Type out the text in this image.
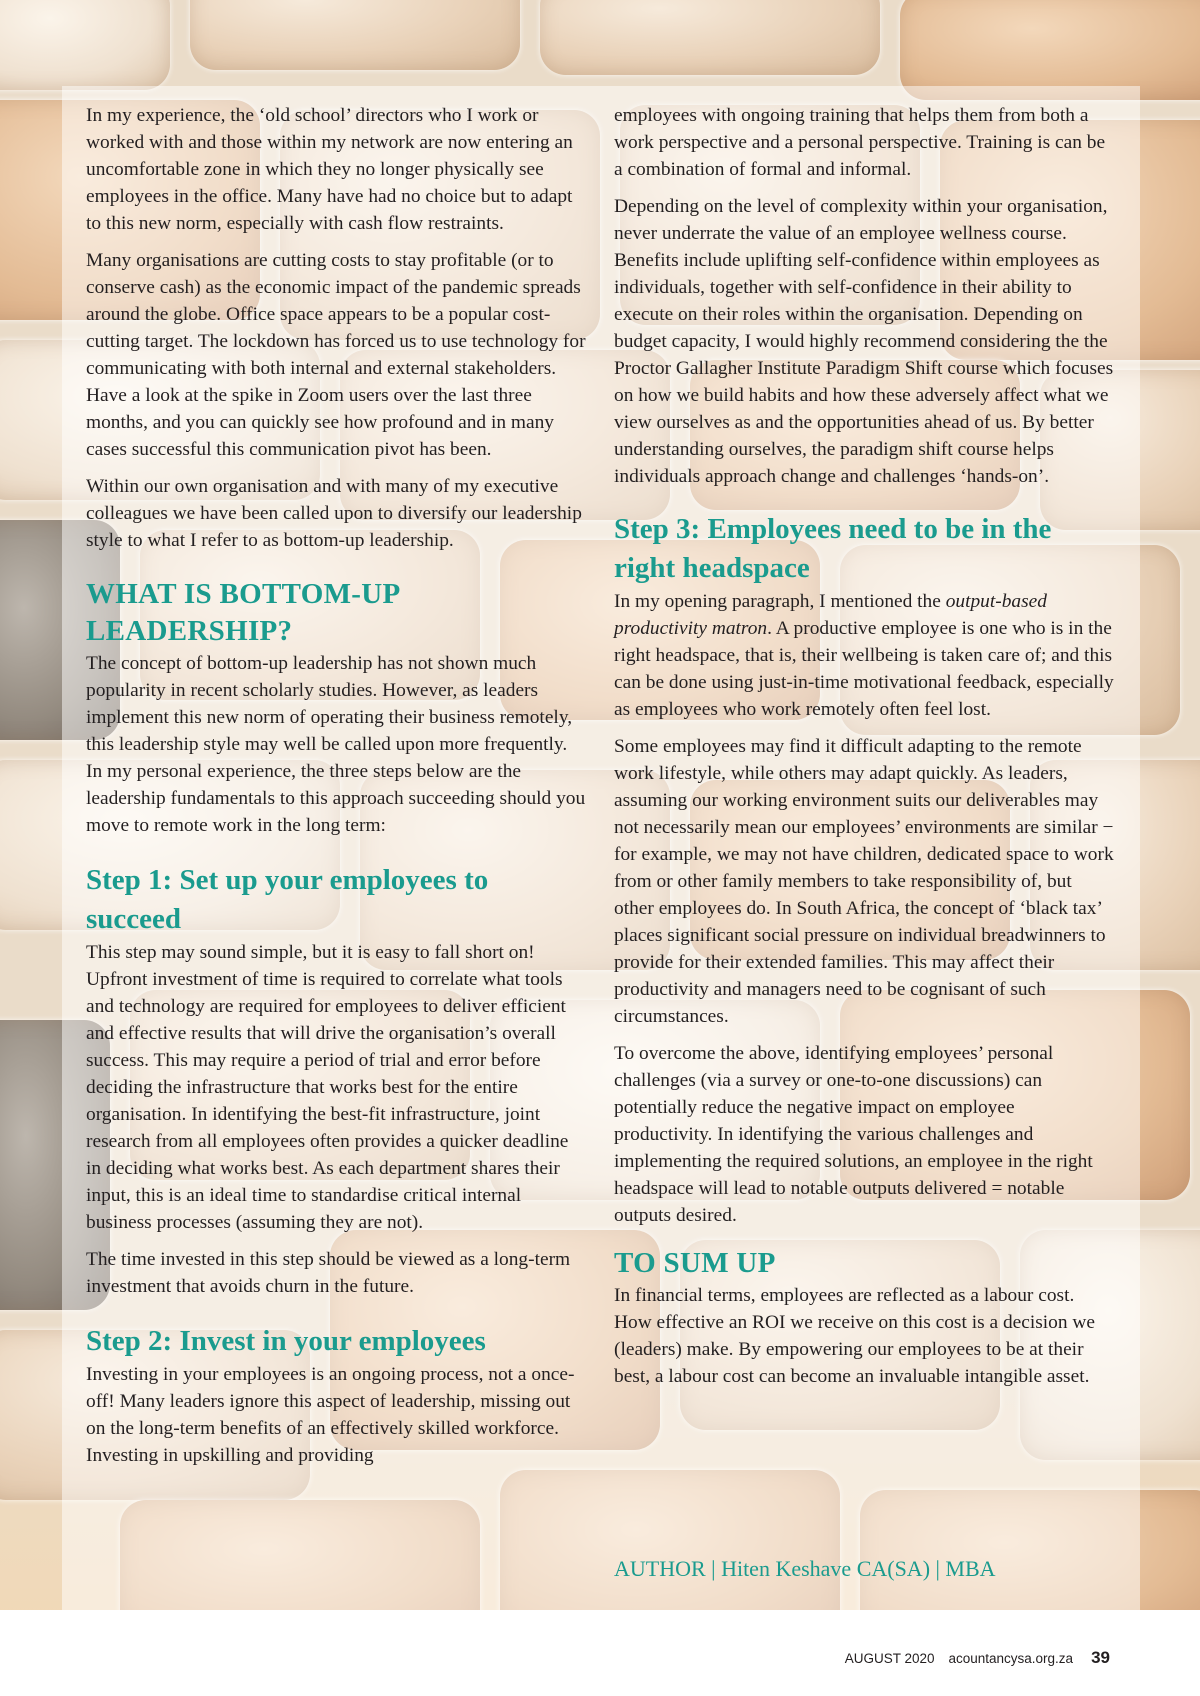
In my experience, the ‘old school’ directors who I work or worked with and those within my network are now entering an uncomfortable zone in which they no longer physically see employees in the office. Many have had no choice but to adapt to this new norm, especially with cash flow restraints.

Many organisations are cutting costs to stay profitable (or to conserve cash) as the economic impact of the pandemic spreads around the globe. Office space appears to be a popular cost-cutting target. The lockdown has forced us to use technology for communicating with both internal and external stakeholders. Have a look at the spike in Zoom users over the last three months, and you can quickly see how profound and in many cases successful this communication pivot has been.

Within our own organisation and with many of my executive colleagues we have been called upon to diversify our leadership style to what I refer to as bottom-up leadership.

WHAT IS BOTTOM-UP LEADERSHIP?

The concept of bottom-up leadership has not shown much popularity in recent scholarly studies. However, as leaders implement this new norm of operating their business remotely, this leadership style may well be called upon more frequently. In my personal experience, the three steps below are the leadership fundamentals to this approach succeeding should you move to remote work in the long term:

Step 1: Set up your employees to succeed

This step may sound simple, but it is easy to fall short on! Upfront investment of time is required to correlate what tools and technology are required for employees to deliver efficient and effective results that will drive the organisation’s overall success. This may require a period of trial and error before deciding the infrastructure that works best for the entire organisation. In identifying the best-fit infrastructure, joint research from all employees often provides a quicker deadline in deciding what works best. As each department shares their input, this is an ideal time to standardise critical internal business processes (assuming they are not).

The time invested in this step should be viewed as a long-term investment that avoids churn in the future.

Step 2: Invest in your employees

Investing in your employees is an ongoing process, not a once-off! Many leaders ignore this aspect of leadership, missing out on the long-term benefits of an effectively skilled workforce. Investing in upskilling and providing

employees with ongoing training that helps them from both a work perspective and a personal perspective. Training is can be a combination of formal and informal.

Depending on the level of complexity within your organisation, never underrate the value of an employee wellness course. Benefits include uplifting self-confidence within employees as individuals, together with self-confidence in their ability to execute on their roles within the organisation. Depending on budget capacity, I would highly recommend considering the the Proctor Gallagher Institute Paradigm Shift course which focuses on how we build habits and how these adversely affect what we view ourselves as and the opportunities ahead of us. By better understanding ourselves, the paradigm shift course helps individuals approach change and challenges ‘hands-on’.

Step 3: Employees need to be in the right headspace

In my opening paragraph, I mentioned the output-based productivity matron. A productive employee is one who is in the right headspace, that is, their wellbeing is taken care of; and this can be done using just-in-time motivational feedback, especially as employees who work remotely often feel lost.

Some employees may find it difficult adapting to the remote work lifestyle, while others may adapt quickly. As leaders, assuming our working environment suits our deliverables may not necessarily mean our employees’ environments are similar − for example, we may not have children, dedicated space to work from or other family members to take responsibility of, but other employees do. In South Africa, the concept of ‘black tax’ places significant social pressure on individual breadwinners to provide for their extended families. This may affect their productivity and managers need to be cognisant of such circumstances.

To overcome the above, identifying employees’ personal challenges (via a survey or one-to-one discussions) can potentially reduce the negative impact on employee productivity. In identifying the various challenges and implementing the required solutions, an employee in the right headspace will lead to notable outputs delivered = notable outputs desired.

TO SUM UP

In financial terms, employees are reflected as a labour cost. How effective an ROI we receive on this cost is a decision we (leaders) make. By empowering our employees to be at their best, a labour cost can become an invaluable intangible asset.

AUTHOR | Hiten Keshave CA(SA) | MBA
AUGUST 2020 acountancysa.org.za 39
